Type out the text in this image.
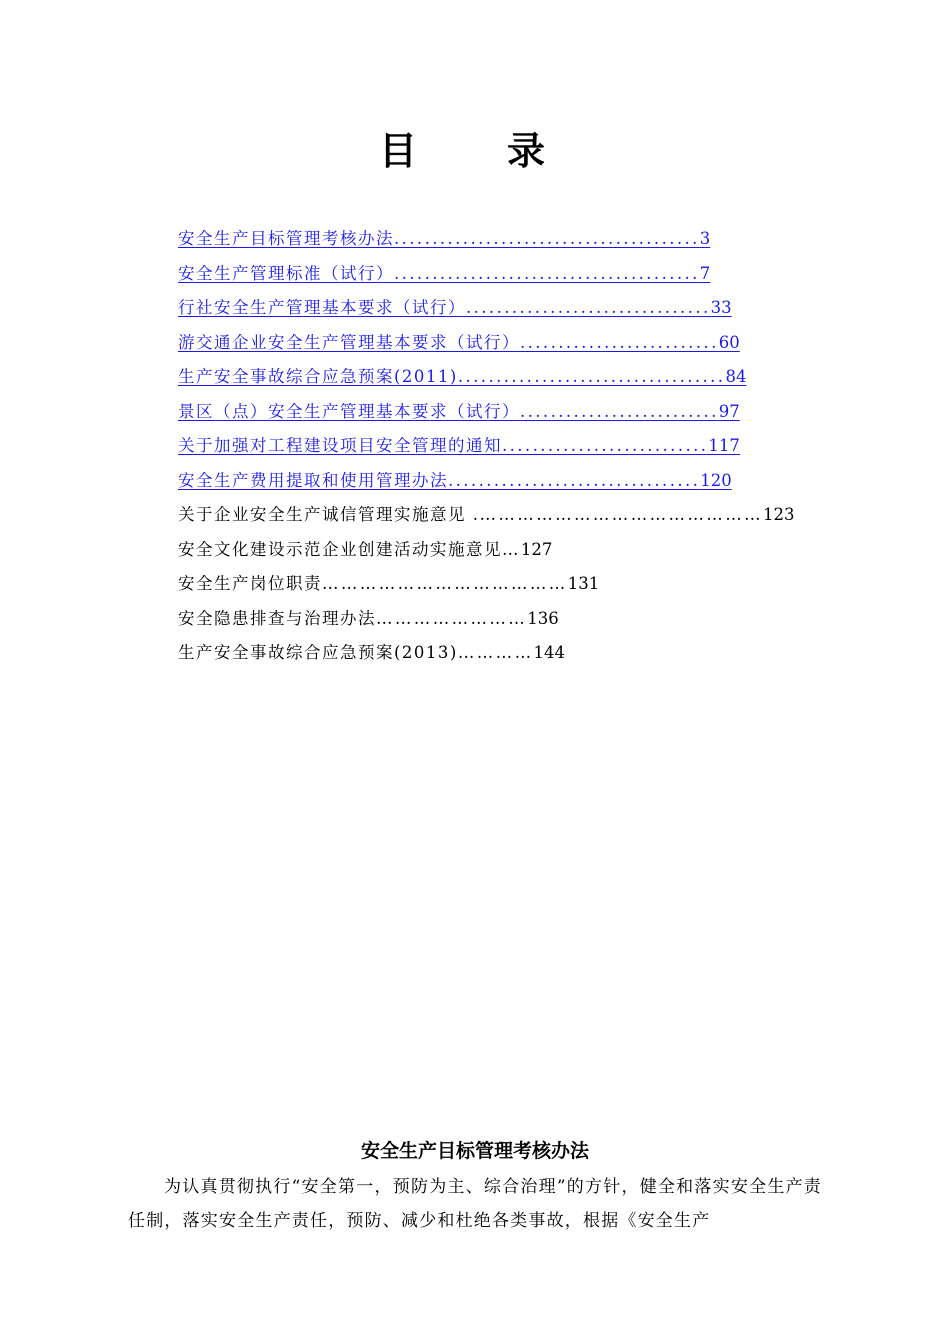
目　录
安全生产目标管理考核办法........................................3
安全生产管理标准（试行）........................................7
行社安全生产管理基本要求（试行）................................33
游交通企业安全生产管理基本要求（试行）..........................60
生产安全事故综合应急预案(2011)...................................84
景区（点）安全生产管理基本要求（试行）..........................97
关于加强对工程建设项目安全管理的通知...........................117
安全生产费用提取和使用管理办法.................................120
关于企业安全生产诚信管理实施意见 .………………………………………123
安全文化建设示范企业创建活动实施意见…127
安全生产岗位职责…………………………………131
安全隐患排查与治理办法……………………136
生产安全事故综合应急预案(2013)…………144
安全生产目标管理考核办法
为认真贯彻执行“安全第一，预防为主、综合治理”的方针，健全和落实安全生产责任制，落实安全生产责任，预防、减少和杜绝各类事故，根据《安全生产
